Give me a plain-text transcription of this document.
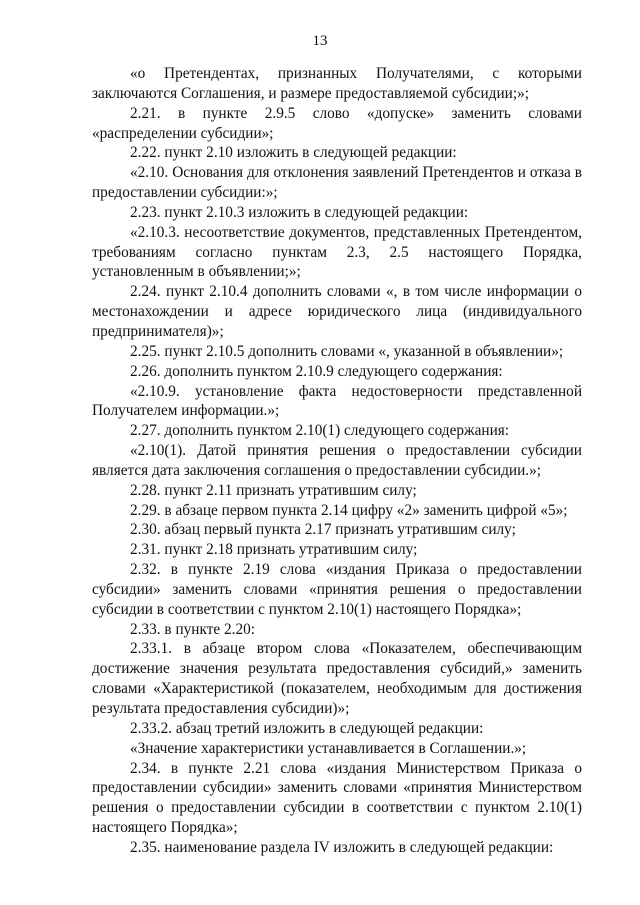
13

«о Претендентах, признанных Получателями, с которыми заключаются Соглашения, и размере предоставляемой субсидии;»;

2.21. в пункте 2.9.5 слово «допуске» заменить словами «распределении субсидии»;

2.22. пункт 2.10 изложить в следующей редакции:

«2.10. Основания для отклонения заявлений Претендентов и отказа в предоставлении субсидии:»;

2.23. пункт 2.10.3 изложить в следующей редакции:

«2.10.3. несоответствие документов, представленных Претендентом, требованиям согласно пунктам 2.3, 2.5 настоящего Порядка, установленным в объявлении;»;

2.24. пункт 2.10.4 дополнить словами «, в том числе информации о местонахождении и адресе юридического лица (индивидуального предпринимателя)»;

2.25. пункт 2.10.5 дополнить словами «, указанной в объявлении»;

2.26. дополнить пунктом 2.10.9 следующего содержания:

«2.10.9. установление факта недостоверности представленной Получателем информации.»;

2.27. дополнить пунктом 2.10(1) следующего содержания:

«2.10(1). Датой принятия решения о предоставлении субсидии является дата заключения соглашения о предоставлении субсидии.»;

2.28. пункт 2.11 признать утратившим силу;

2.29. в абзаце первом пункта 2.14 цифру «2» заменить цифрой «5»;

2.30. абзац первый пункта 2.17 признать утратившим силу;

2.31. пункт 2.18 признать утратившим силу;

2.32. в пункте 2.19 слова «издания Приказа о предоставлении субсидии» заменить словами «принятия решения о предоставлении субсидии в соответствии с пунктом 2.10(1) настоящего Порядка»;

2.33. в пункте 2.20:

2.33.1. в абзаце втором слова «Показателем, обеспечивающим достижение значения результата предоставления субсидий,» заменить словами «Характеристикой (показателем, необходимым для достижения результата предоставления субсидии)»;

2.33.2. абзац третий изложить в следующей редакции:

«Значение характеристики устанавливается в Соглашении.»;

2.34. в пункте 2.21 слова «издания Министерством Приказа о предоставлении субсидии» заменить словами «принятия Министерством решения о предоставлении субсидии в соответствии с пунктом 2.10(1) настоящего Порядка»;

2.35. наименование раздела IV изложить в следующей редакции:
